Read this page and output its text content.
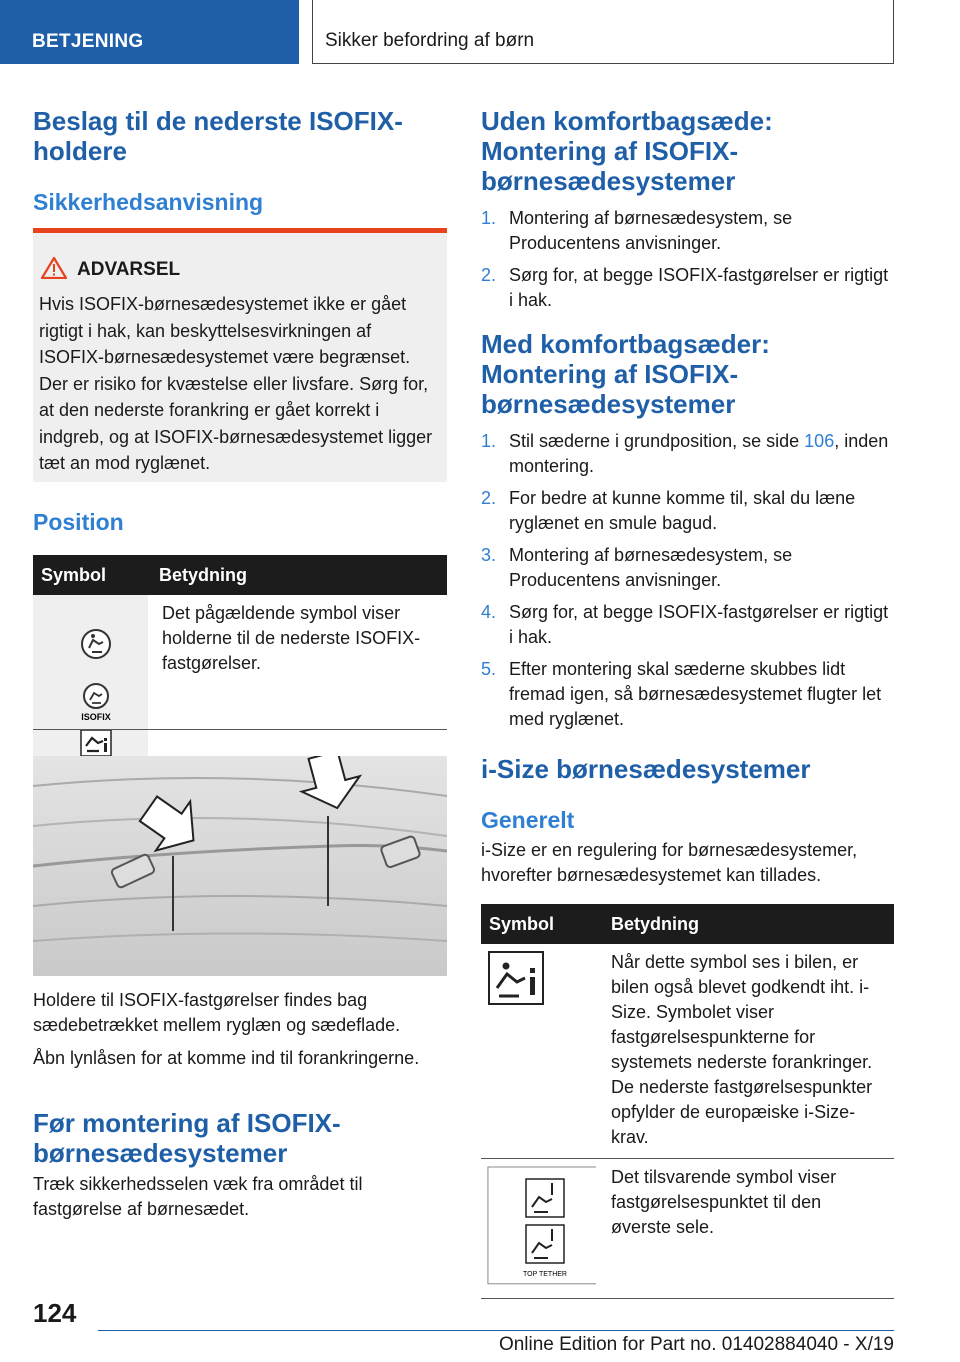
BETJENING	Sikker befordring af børn
Beslag til de nederste ISOFIX-holdere
Sikkerhedsanvisning
ADVARSEL
Hvis ISOFIX-børnesædesystemet ikke er gået rigtigt i hak, kan beskyttelsesvirkningen af ISOFIX-børnesædesystemet være begrænset. Der er risiko for kvæstelse eller livsfare. Sørg for, at den nederste forankring er gået korrekt i indgreb, og at ISOFIX-børnesædesystemet ligger tæt an mod ryglænet.
Position
Symbol	Betydning

ISOFIX	Det pågældende symbol viser holderne til de nederste ISOFIX-fastgørelser.

Holdere til ISOFIX-fastgørelser findes bag sædebetrækket mellem ryglæn og sædeflade.

Åbn lynlåsen for at komme ind til forankringerne.

Før montering af ISOFIX-børnesædesystemer

Træk sikkerhedsselen væk fra området til fastgørelse af børnesædet.

Uden komfortbagsæde: Montering af ISOFIX-børnesædesystemer
1. Montering af børnesædesystem, se Producentens anvisninger.
2. Sørg for, at begge ISOFIX-fastgørelser er rigtigt i hak.
Med komfortbagsæder: Montering af ISOFIX-børnesædesystemer
1. Stil sæderne i grundposition, se side 106, inden montering.
2. For bedre at kunne komme til, skal du læne ryglænet en smule bagud.
3. Montering af børnesædesystem, se Producentens anvisninger.
4. Sørg for, at begge ISOFIX-fastgørelser er rigtigt i hak.
5. Efter montering skal sæderne skubbes lidt fremad igen, så børnesædesystemet flugter let med ryglænet.
i-Size børnesædesystemer
Generelt

i-Size er en regulering for børnesædesystemer, hvorefter børnesædesystemet kan tillades.

Symbol	Betydning
	Når dette symbol ses i bilen, er bilen også blevet godkendt iht. i-Size. Symbolet viser fastgørelsespunkterne for systemets nederste forankringer. De nederste fastgørelsespunkter opfylder de europæiske i-Size-krav.

TOP TETHER	Det tilsvarende symbol viser fastgørelsespunktet til den øverste sele.
124
Online Edition for Part no. 01402884040 - X/19
